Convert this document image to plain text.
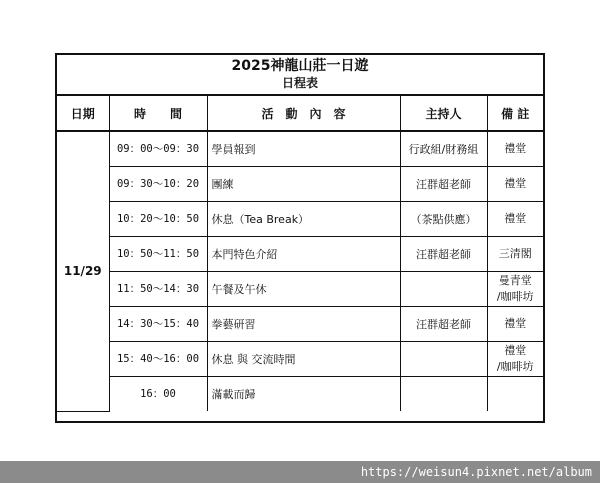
2025神龍山莊一日遊
日程表
日期	時　　間	活　動　內　容	主持人	備 註
11/29	09：00～09：30	學員報到	行政組/財務組	禮堂
	09：30～10：20	團練	汪群超老師	禮堂
	10：20～10：50	休息（Tea Break）	（茶點供應）	禮堂
	10：50～11：50	本門特色介紹	汪群超老師	三清閣
	11：50～14：30	午餐及午休		曼青堂
/咖啡坊
	14：30～15：40	拳藝研習	汪群超老師	禮堂
	15：40～16：00	休息 與 交流時間		禮堂
/咖啡坊
	16：00	滿載而歸		
https://weisun4.pixnet.net/album
